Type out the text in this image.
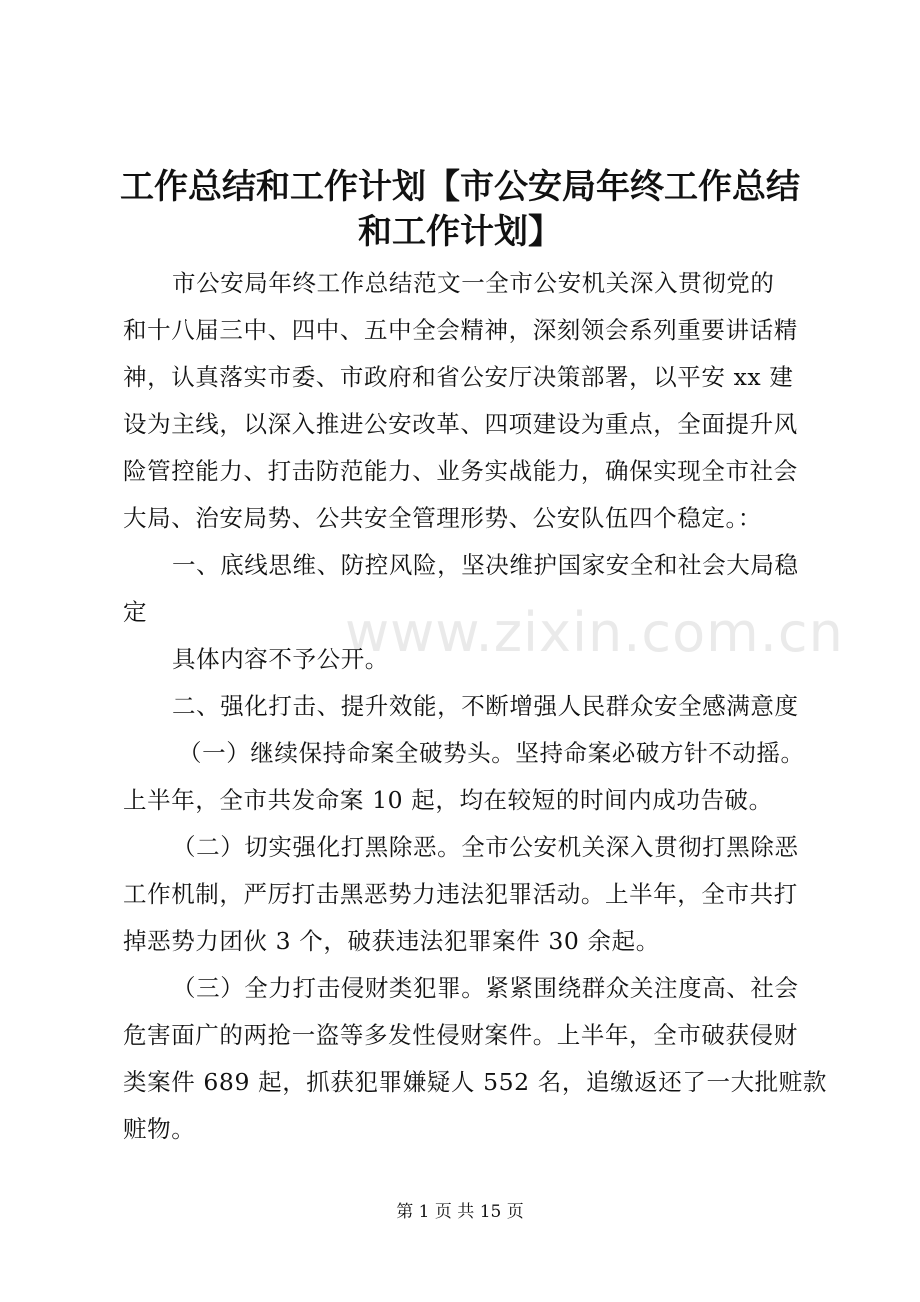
工作总结和工作计划【市公安局年终工作总结
和工作计划】
www.zixin.com.cn
市公安局年终工作总结范文一全市公安机关深入贯彻党的
和十八届三中、四中、五中全会精神，深刻领会系列重要讲话精
神，认真落实市委、市政府和省公安厅决策部署，以平安 xx 建
设为主线，以深入推进公安改革、四项建设为重点，全面提升风
险管控能力、打击防范能力、业务实战能力，确保实现全市社会
大局、治安局势、公共安全管理形势、公安队伍四个稳定。：
一、底线思维、防控风险，坚决维护国家安全和社会大局稳
定
具体内容不予公开。
二、强化打击、提升效能，不断增强人民群众安全感满意度
（一）继续保持命案全破势头。坚持命案必破方针不动摇。
上半年，全市共发命案 10 起，均在较短的时间内成功告破。
（二）切实强化打黑除恶。全市公安机关深入贯彻打黑除恶
工作机制，严厉打击黑恶势力违法犯罪活动。上半年，全市共打
掉恶势力团伙 3 个，破获违法犯罪案件 30 余起。
（三）全力打击侵财类犯罪。紧紧围绕群众关注度高、社会
危害面广的两抢一盗等多发性侵财案件。上半年，全市破获侵财
类案件 689 起，抓获犯罪嫌疑人 552 名，追缴返还了一大批赃款
赃物。
第 1 页 共 15 页
